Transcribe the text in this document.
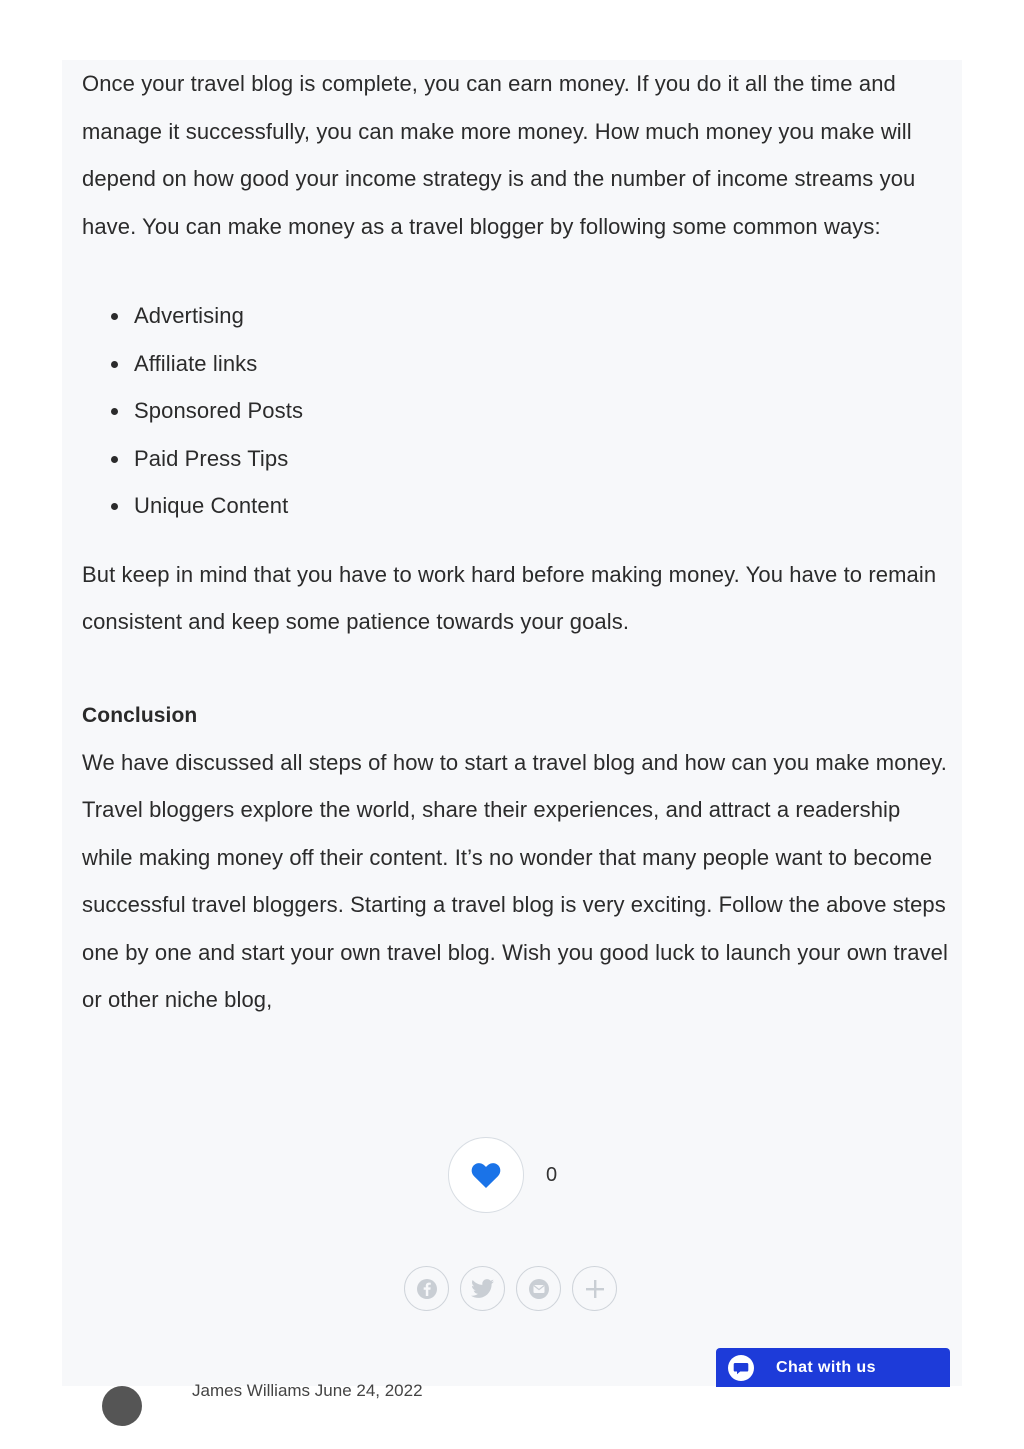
Once your travel blog is complete, you can earn money. If you do it all the time and manage it successfully, you can make more money. How much money you make will depend on how good your income strategy is and the number of income streams you have. You can make money as a travel blogger by following some common ways:

Advertising
Affiliate links
Sponsored Posts
Paid Press Tips
Unique Content

But keep in mind that you have to work hard before making money. You have to remain consistent and keep some patience towards your goals.

Conclusion

We have discussed all steps of how to start a travel blog and how can you make money. Travel bloggers explore the world, share their experiences, and attract a readership while making money off their content. It’s no wonder that many people want to become successful travel bloggers. Starting a travel blog is very exciting. Follow the above steps one by one and start your own travel blog. Wish you good luck to launch your own travel or other niche blog,

0
James Williams June 24, 2022
Chat with us
